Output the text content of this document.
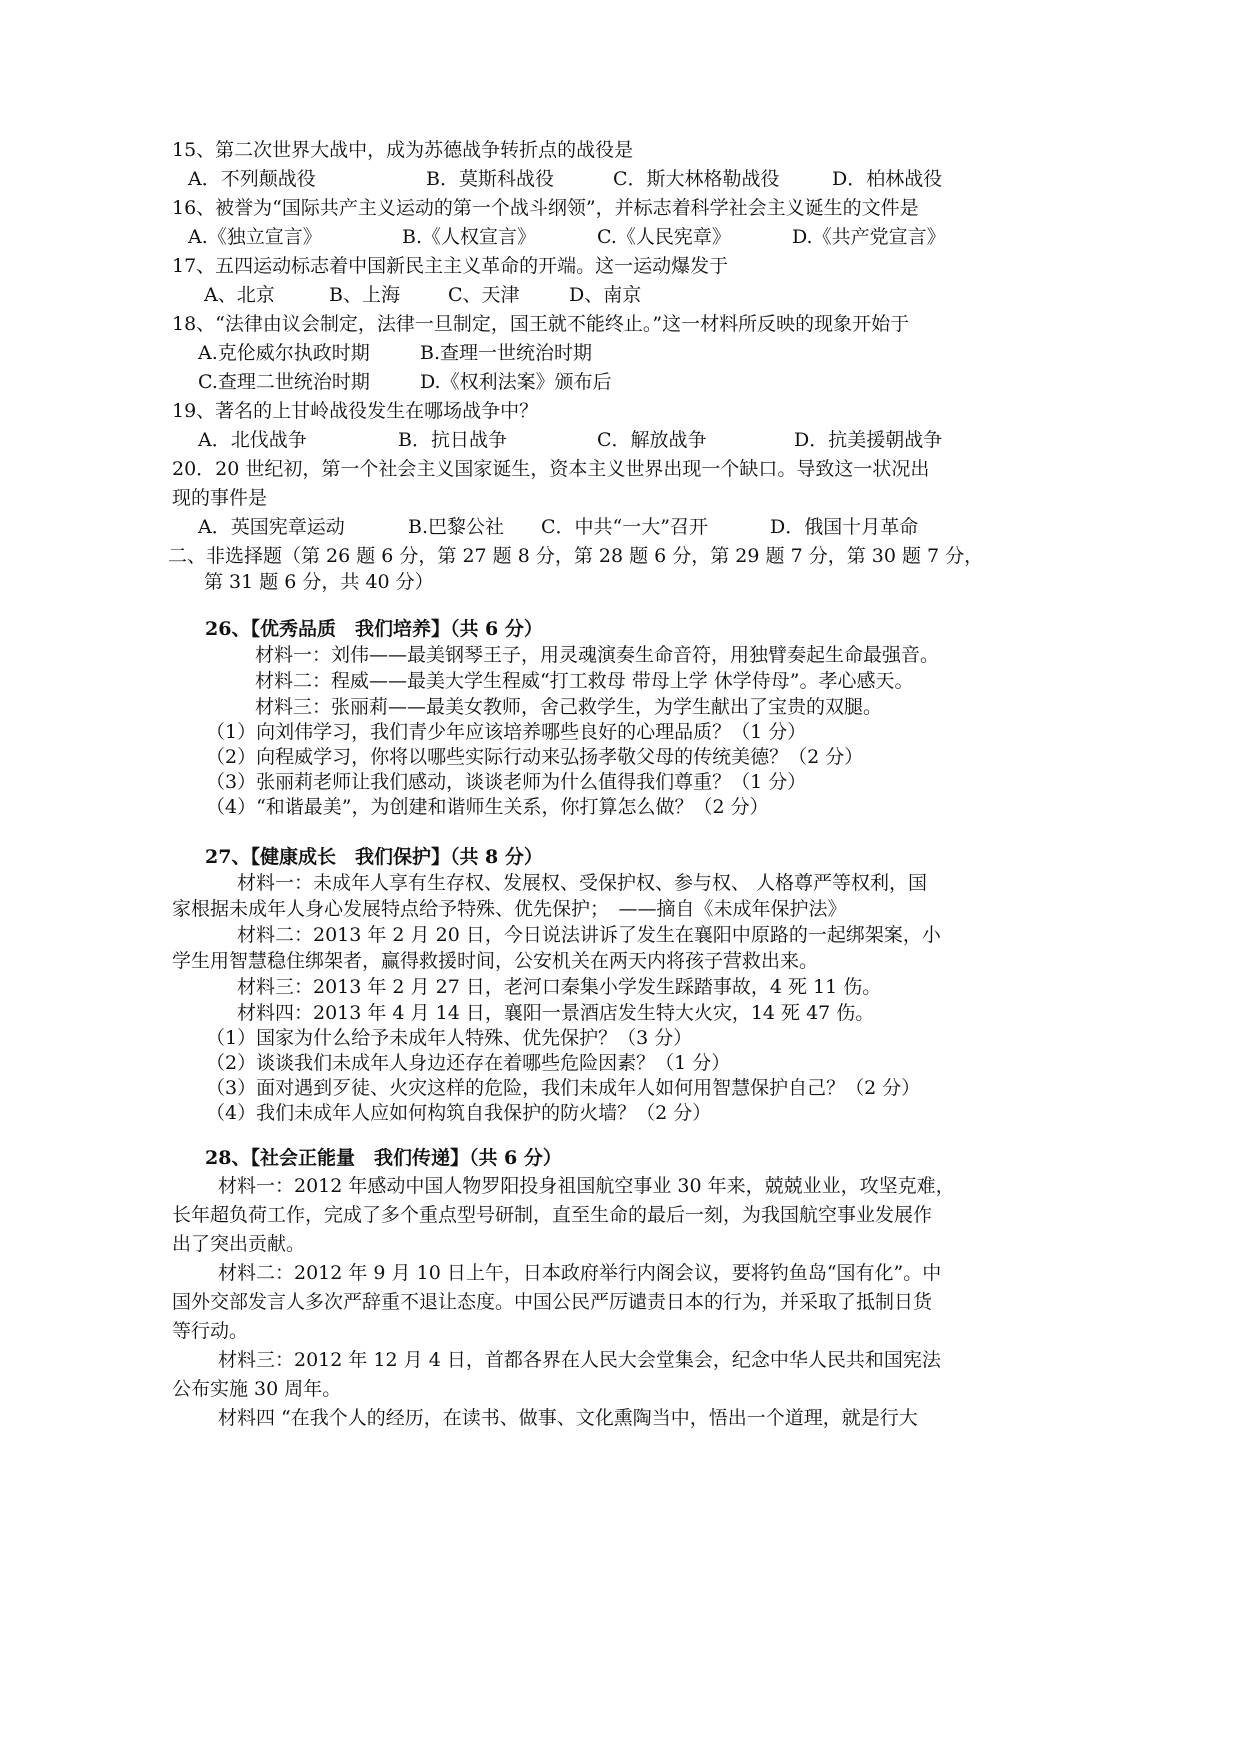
15、第二次世界大战中，成为苏德战争转折点的战役是
A．不列颠战役	B．莫斯科战役	C．斯大林格勒战役	D．柏林战役
16、被誉为“国际共产主义运动的第一个战斗纲领”，并标志着科学社会主义诞生的文件是
A.《独立宣言》	B.《人权宣言》	C.《人民宪章》	D.《共产党宣言》
17、五四运动标志着中国新民主主义革命的开端。这一运动爆发于
A、北京	B、上海	C、天津	D、南京
18、“法律由议会制定，法律一旦制定，国王就不能终止。”这一材料所反映的现象开始于
A.克伦威尔执政时期	B.查理一世统治时期
C.查理二世统治时期	D.《权利法案》颁布后
19、著名的上甘岭战役发生在哪场战争中？
A．北伐战争	B．抗日战争	C．解放战争	D．抗美援朝战争
20．20 世纪初，第一个社会主义国家诞生，资本主义世界出现一个缺口。导致这一状况出
现的事件是
A．英国宪章运动	B.巴黎公社 C．中共“一大”召开	D．俄国十月革命
二、非选择题（第 26 题 6 分，第 27 题 8 分，第 28 题 6 分，第 29 题 7 分，第 30 题 7 分，
第 31 题 6 分，共 40 分）
26、【优秀品质　我们培养】（共 6 分）
材料一：刘伟——最美钢琴王子，用灵魂演奏生命音符，用独臂奏起生命最强音。
材料二：程威——最美大学生程威“打工救母 带母上学 休学侍母”。孝心感天。
材料三：张丽莉——最美女教师，舍己救学生，为学生献出了宝贵的双腿。
（1）向刘伟学习，我们青少年应该培养哪些良好的心理品质？（1 分）
（2）向程威学习，你将以哪些实际行动来弘扬孝敬父母的传统美德？（2 分）
（3）张丽莉老师让我们感动，谈谈老师为什么值得我们尊重？（1 分）
（4）“和谐最美”，为创建和谐师生关系，你打算怎么做？（2 分）
27、【健康成长　我们保护】（共 8 分）
材料一：未成年人享有生存权、发展权、受保护权、参与权、 人格尊严等权利，国
家根据未成年人身心发展特点给予特殊、优先保护；　——摘自《未成年保护法》
材料二：2013 年 2 月 20 日，今日说法讲诉了发生在襄阳中原路的一起绑架案，小
学生用智慧稳住绑架者，赢得救援时间，公安机关在两天内将孩子营救出来。
材料三：2013 年 2 月 27 日，老河口秦集小学发生踩踏事故，4 死 11 伤。
材料四：2013 年 4 月 14 日，襄阳一景酒店发生特大火灾，14 死 47 伤。
（1）国家为什么给予未成年人特殊、优先保护？（3 分）
（2）谈谈我们未成年人身边还存在着哪些危险因素？（1 分）
（3）面对遇到歹徒、火灾这样的危险，我们未成年人如何用智慧保护自己？（2 分）
（4）我们未成年人应如何构筑自我保护的防火墙？（2 分）
28、【社会正能量　我们传递】（共 6 分）
材料一：2012 年感动中国人物罗阳投身祖国航空事业 30 年来，兢兢业业，攻坚克难，
长年超负荷工作，完成了多个重点型号研制，直至生命的最后一刻，为我国航空事业发展作
出了突出贡献。
材料二：2012 年 9 月 10 日上午，日本政府举行内阁会议，要将钓鱼岛“国有化”。中
国外交部发言人多次严辞重不退让态度。中国公民严厉谴责日本的行为，并采取了抵制日货
等行动。
材料三：2012 年 12 月 4 日，首都各界在人民大会堂集会，纪念中华人民共和国宪法
公布实施 30 周年。
材料四 “在我个人的经历，在读书、做事、文化熏陶当中，悟出一个道理，就是行大
